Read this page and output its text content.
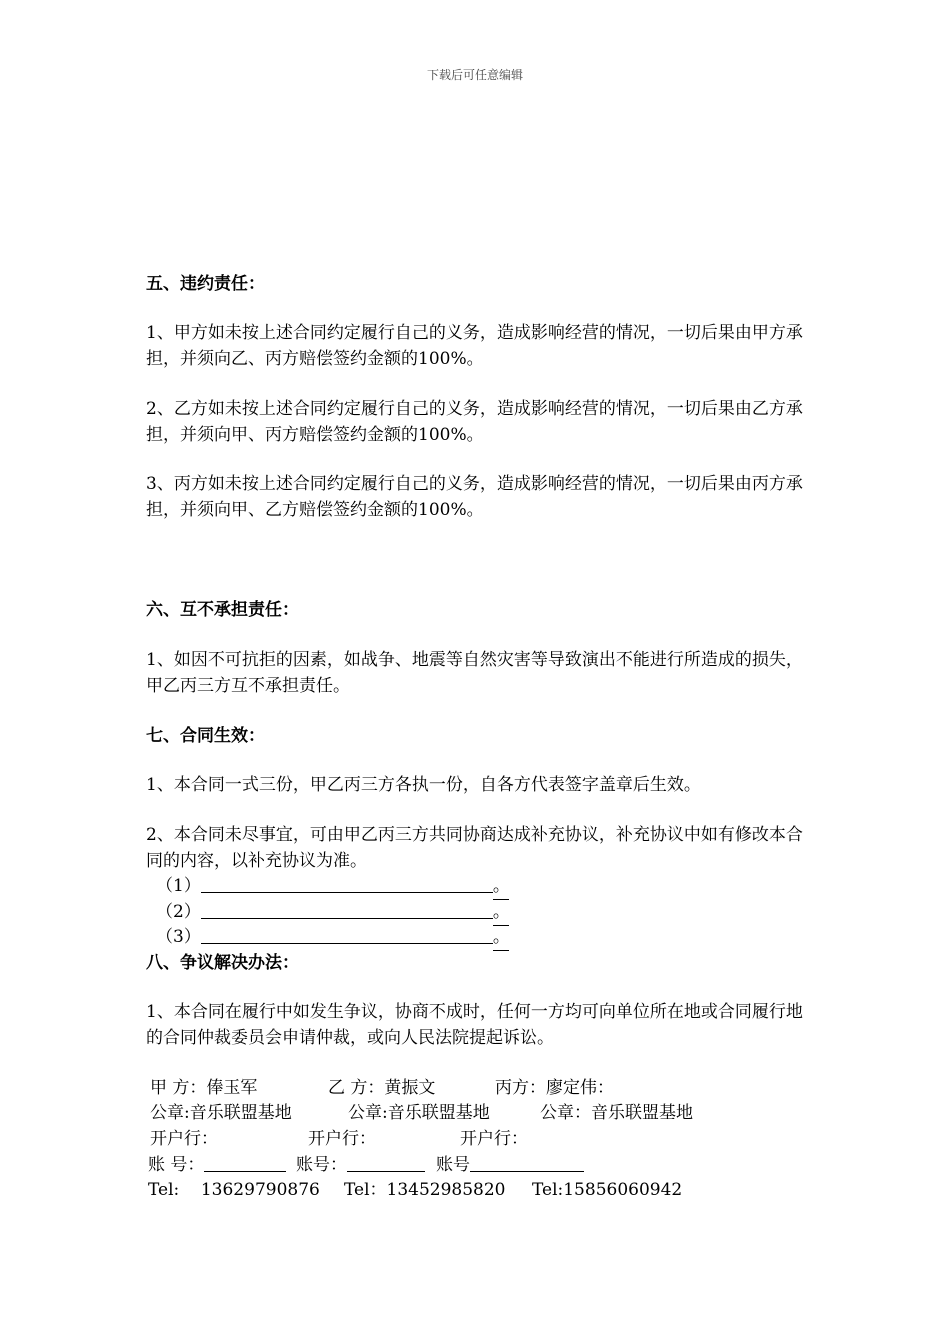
下载后可任意编辑
五、违约责任：
1、甲方如未按上述合同约定履行自己的义务，造成影响经营的情况，一切后果由甲方承担，并须向乙、丙方赔偿签约金额的100%。
2、乙方如未按上述合同约定履行自己的义务，造成影响经营的情况，一切后果由乙方承担，并须向甲、丙方赔偿签约金额的100%。
3、丙方如未按上述合同约定履行自己的义务，造成影响经营的情况，一切后果由丙方承担，并须向甲、乙方赔偿签约金额的100%。
六、互不承担责任：
1、如因不可抗拒的因素，如战争、地震等自然灾害等导致演出不能进行所造成的损失，甲乙丙三方互不承担责任。
七、合同生效：
1、本合同一式三份，甲乙丙三方各执一份，自各方代表签字盖章后生效。
2、本合同未尽事宜，可由甲乙丙三方共同协商达成补充协议，补充协议中如有修改本合同的内容，以补充协议为准。
（1）	。
（2）	。
（3）	。
八、争议解决办法：
1、本合同在履行中如发生争议，协商不成时，任何一方均可向单位所在地或合同履行地的合同仲裁委员会申请仲裁，或向人民法院提起诉讼。
甲 方：俸玉军	乙 方：黄振文	丙方：廖定伟：
公章:音乐联盟基地	公章:音乐联盟基地	公章：音乐联盟基地
开户行：	开户行：	开户行：
账 号：	账号：	账号
Tel:    13629790876 Tel：13452985820 Tel:15856060942
